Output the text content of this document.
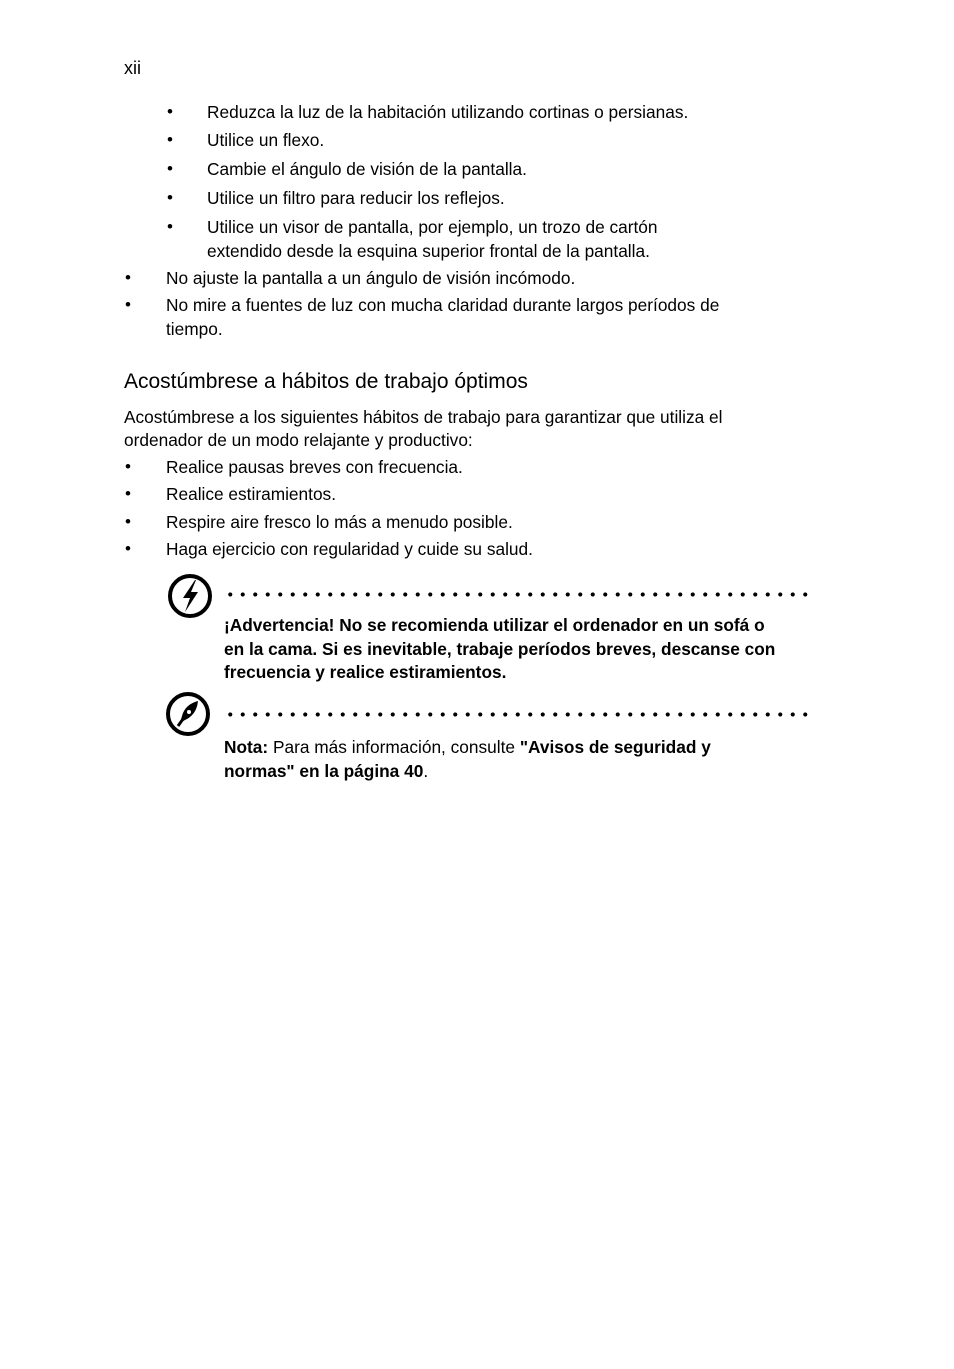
xii
• Reduzca la luz de la habitación utilizando cortinas o persianas.
• Utilice un flexo.
• Cambie el ángulo de visión de la pantalla.
• Utilice un filtro para reducir los reflejos.
• Utilice un visor de pantalla, por ejemplo, un trozo de cartón
extendido desde la esquina superior frontal de la pantalla.
• No ajuste la pantalla a un ángulo de visión incómodo.
• No mire a fuentes de luz con mucha claridad durante largos períodos de
tiempo.
Acostúmbrese a hábitos de trabajo óptimos
Acostúmbrese a los siguientes hábitos de trabajo para garantizar que utiliza el
ordenador de un modo relajante y productivo:
• Realice pausas breves con frecuencia.
• Realice estiramientos.
• Respire aire fresco lo más a menudo posible.
• Haga ejercicio con regularidad y cuide su salud.
¡Advertencia! No se recomienda utilizar el ordenador en un sofá o
en la cama. Si es inevitable, trabaje períodos breves, descanse con
frecuencia y realice estiramientos.
Nota: Para más información, consulte "Avisos de seguridad y
normas" en la página 40.
